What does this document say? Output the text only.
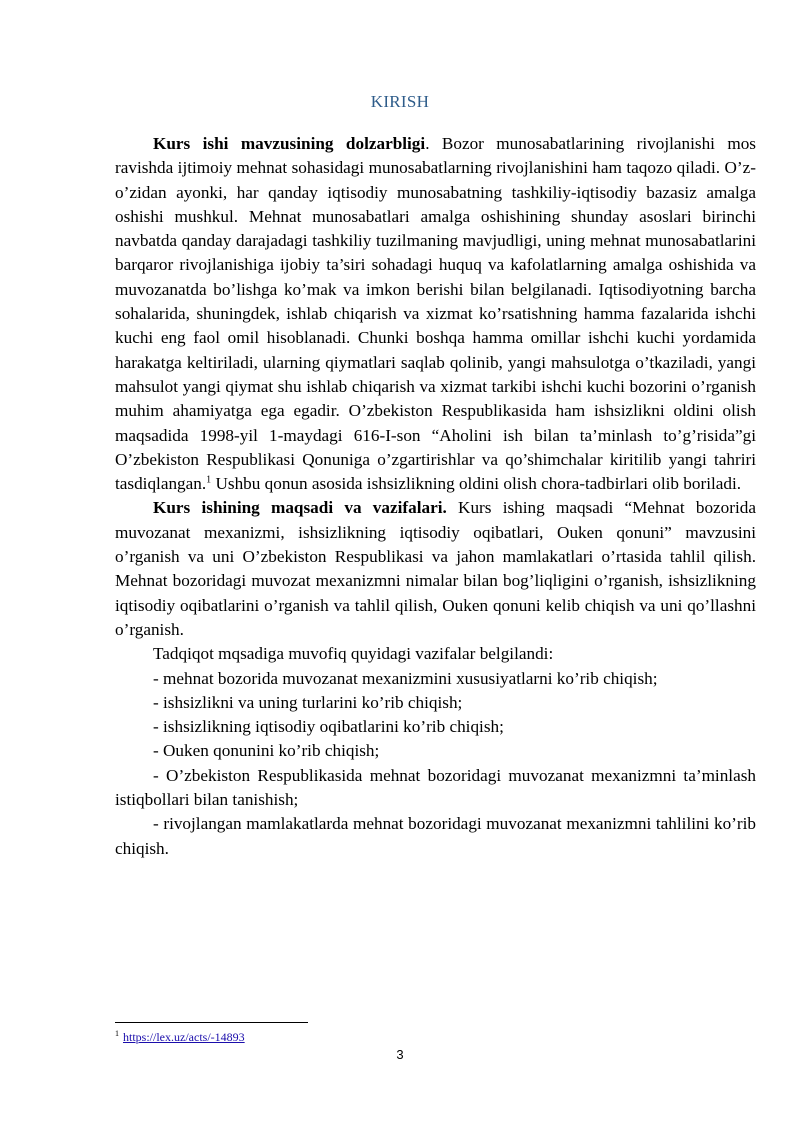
KIRISH

Kurs ishi mavzusining dolzarbligi. Bozor munosabatlarining rivojlanishi mos ravishda ijtimoiy mehnat sohasidagi munosabatlarning rivojlanishini ham taqozo qiladi. O’z-o’zidan ayonki, har qanday iqtisodiy munosabatning tashkiliy-iqtisodiy bazasiz amalga oshishi mushkul. Mehnat munosabatlari amalga oshishining shunday asoslari birinchi navbatda qanday darajadagi tashkiliy tuzilmaning mavjudligi, uning mehnat munosabatlarini barqaror rivojlanishiga ijobiy ta’siri sohadagi huquq va kafolatlarning amalga oshishida va muvozanatda bo’lishga ko’mak va imkon berishi bilan belgilanadi. Iqtisodiyotning barcha sohalarida, shuningdek, ishlab chiqarish va xizmat ko’rsatishning hamma fazalarida ishchi kuchi eng faol omil hisoblanadi. Chunki boshqa hamma omillar ishchi kuchi yordamida harakatga keltiriladi, ularning qiymatlari saqlab qolinib, yangi mahsulotga o’tkaziladi, yangi mahsulot yangi qiymat shu ishlab chiqarish va xizmat tarkibi ishchi kuchi bozorini o’rganish muhim ahamiyatga ega egadir. O’zbekiston Respublikasida ham ishsizlikni oldini olish maqsadida 1998-yil 1-maydagi 616-I-son “Aholini ish bilan ta’minlash to’g’risida”gi O’zbekiston Respublikasi Qonuniga o’zgartirishlar va qo’shimchalar kiritilib yangi tahriri tasdiqlangan.$^1$ Ushbu qonun asosida ishsizlikning oldini olish chora-tadbirlari olib boriladi.

Kurs ishining maqsadi va vazifalari. Kurs ishing maqsadi “Mehnat bozorida muvozanat mexanizmi, ishsizlikning iqtisodiy oqibatlari, Ouken qonuni” mavzusini o’rganish va uni O’zbekiston Respublikasi va jahon mamlakatlari o’rtasida tahlil qilish. Mehnat bozoridagi muvozat mexanizmni nimalar bilan bog’liqligini o’rganish, ishsizlikning iqtisodiy oqibatlarini o’rganish va tahlil qilish, Ouken qonuni kelib chiqish va uni qo’llashni o’rganish.

Tadqiqot mqsadiga muvofiq quyidagi vazifalar belgilandi:

- mehnat bozorida muvozanat mexanizmini xususiyatlarni ko’rib chiqish;

- ishsizlikni va uning turlarini ko’rib chiqish;

- ishsizlikning iqtisodiy oqibatlarini ko’rib chiqish;

- Ouken qonunini ko’rib chiqish;

- O’zbekiston Respublikasida mehnat bozoridagi muvozanat mexanizmni ta’minlash istiqbollari bilan tanishish;

- rivojlangan mamlakatlarda mehnat bozoridagi muvozanat mexanizmni tahlilini ko’rib chiqish.

$^1$ https://lex.uz/acts/-14893
3
